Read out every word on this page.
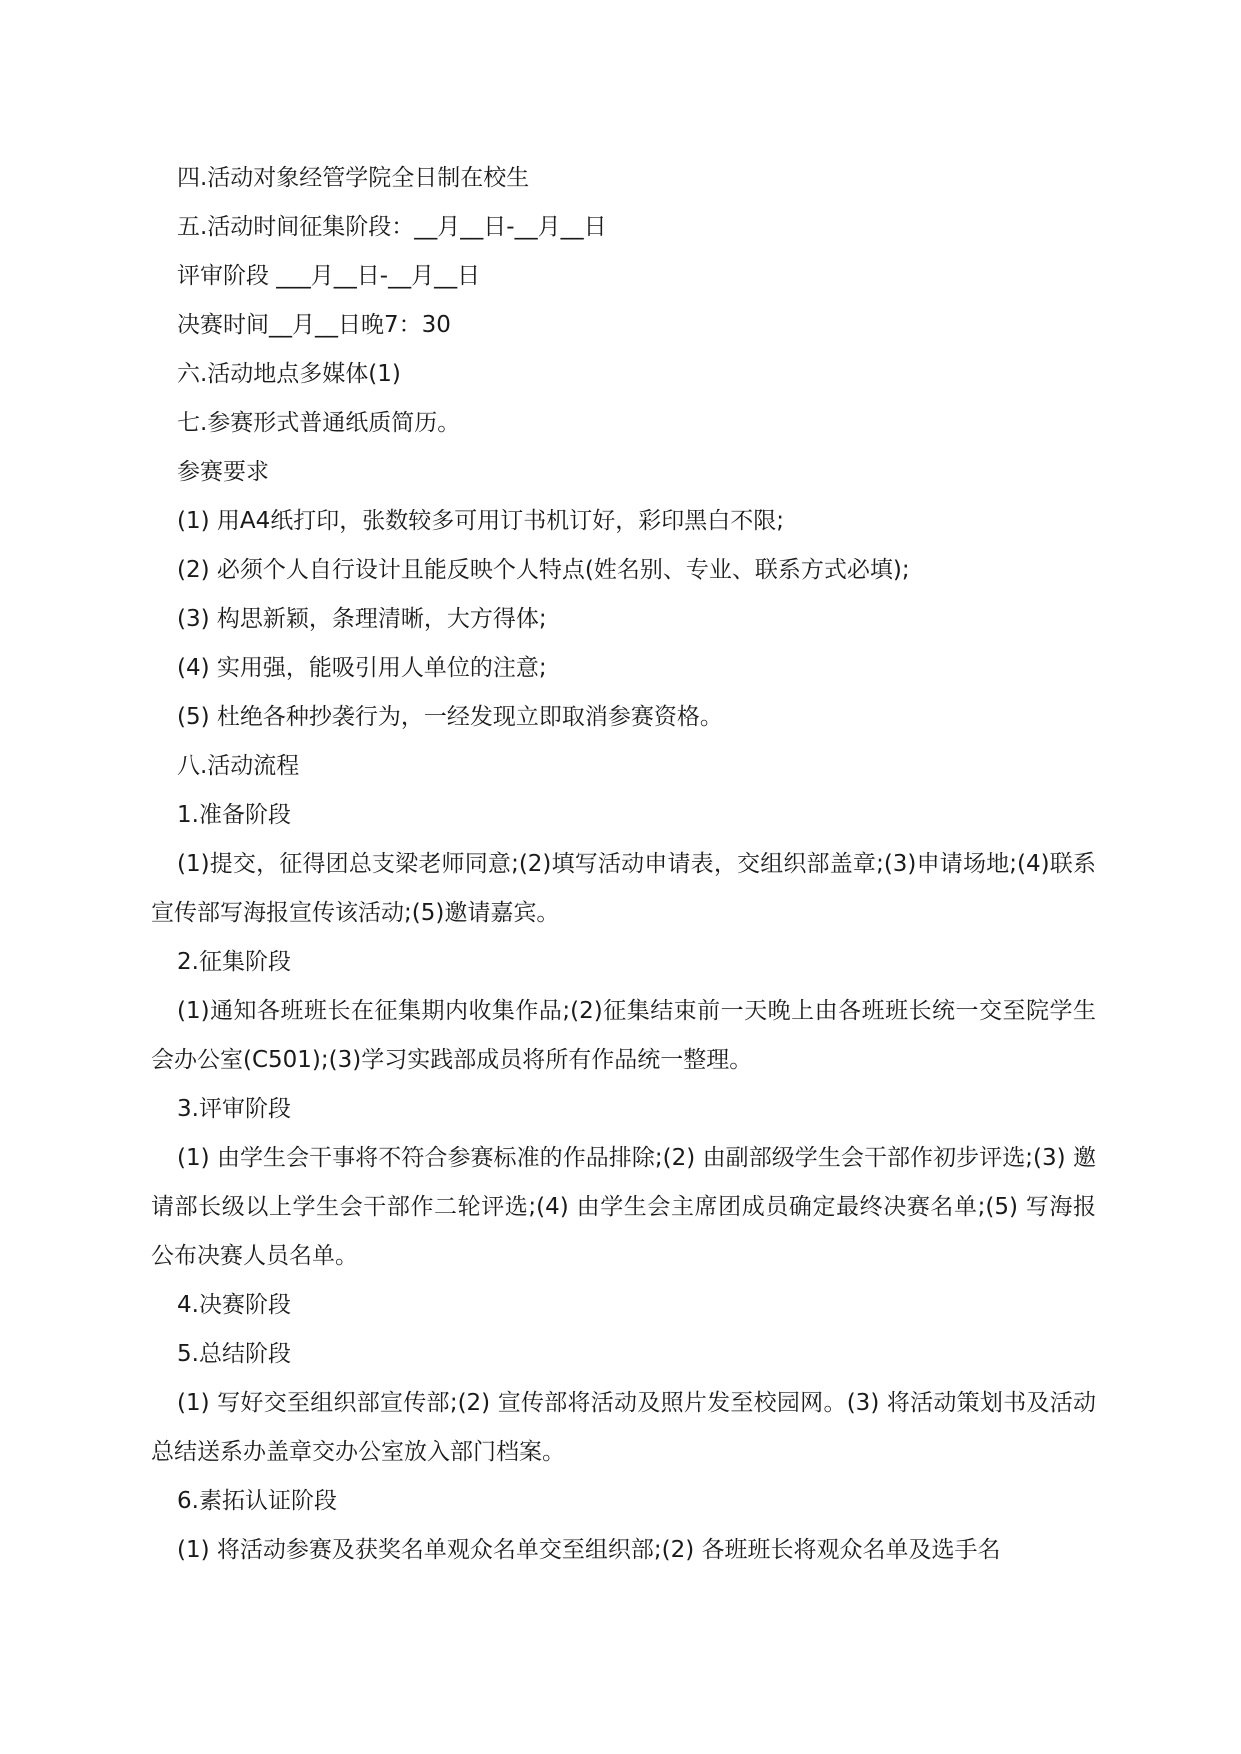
四.活动对象经管学院全日制在校生

五.活动时间征集阶段：__月__日-__月__日

评审阶段 ___月__日-__月__日

决赛时间__月__日晚7：30

六.活动地点多媒体(1)

七.参赛形式普通纸质简历。

参赛要求

(1) 用A4纸打印，张数较多可用订书机订好，彩印黑白不限;

(2) 必须个人自行设计且能反映个人特点(姓名别、专业、联系方式必填);

(3) 构思新颖，条理清晰，大方得体;

(4) 实用强，能吸引用人单位的注意;

(5) 杜绝各种抄袭行为，一经发现立即取消参赛资格。

八.活动流程

1.准备阶段

(1)提交，征得团总支梁老师同意;(2)填写活动申请表，交组织部盖章;(3)申请场地;(4)联系宣传部写海报宣传该活动;(5)邀请嘉宾。

2.征集阶段

(1)通知各班班长在征集期内收集作品;(2)征集结束前一天晚上由各班班长统一交至院学生会办公室(C501);(3)学习实践部成员将所有作品统一整理。

3.评审阶段

(1) 由学生会干事将不符合参赛标准的作品排除;(2) 由副部级学生会干部作初步评选;(3) 邀请部长级以上学生会干部作二轮评选;(4) 由学生会主席团成员确定最终决赛名单;(5) 写海报公布决赛人员名单。

4.决赛阶段

5.总结阶段

(1) 写好交至组织部宣传部;(2) 宣传部将活动及照片发至校园网。(3) 将活动策划书及活动总结送系办盖章交办公室放入部门档案。

6.素拓认证阶段

(1) 将活动参赛及获奖名单观众名单交至组织部;(2) 各班班长将观众名单及选手名
